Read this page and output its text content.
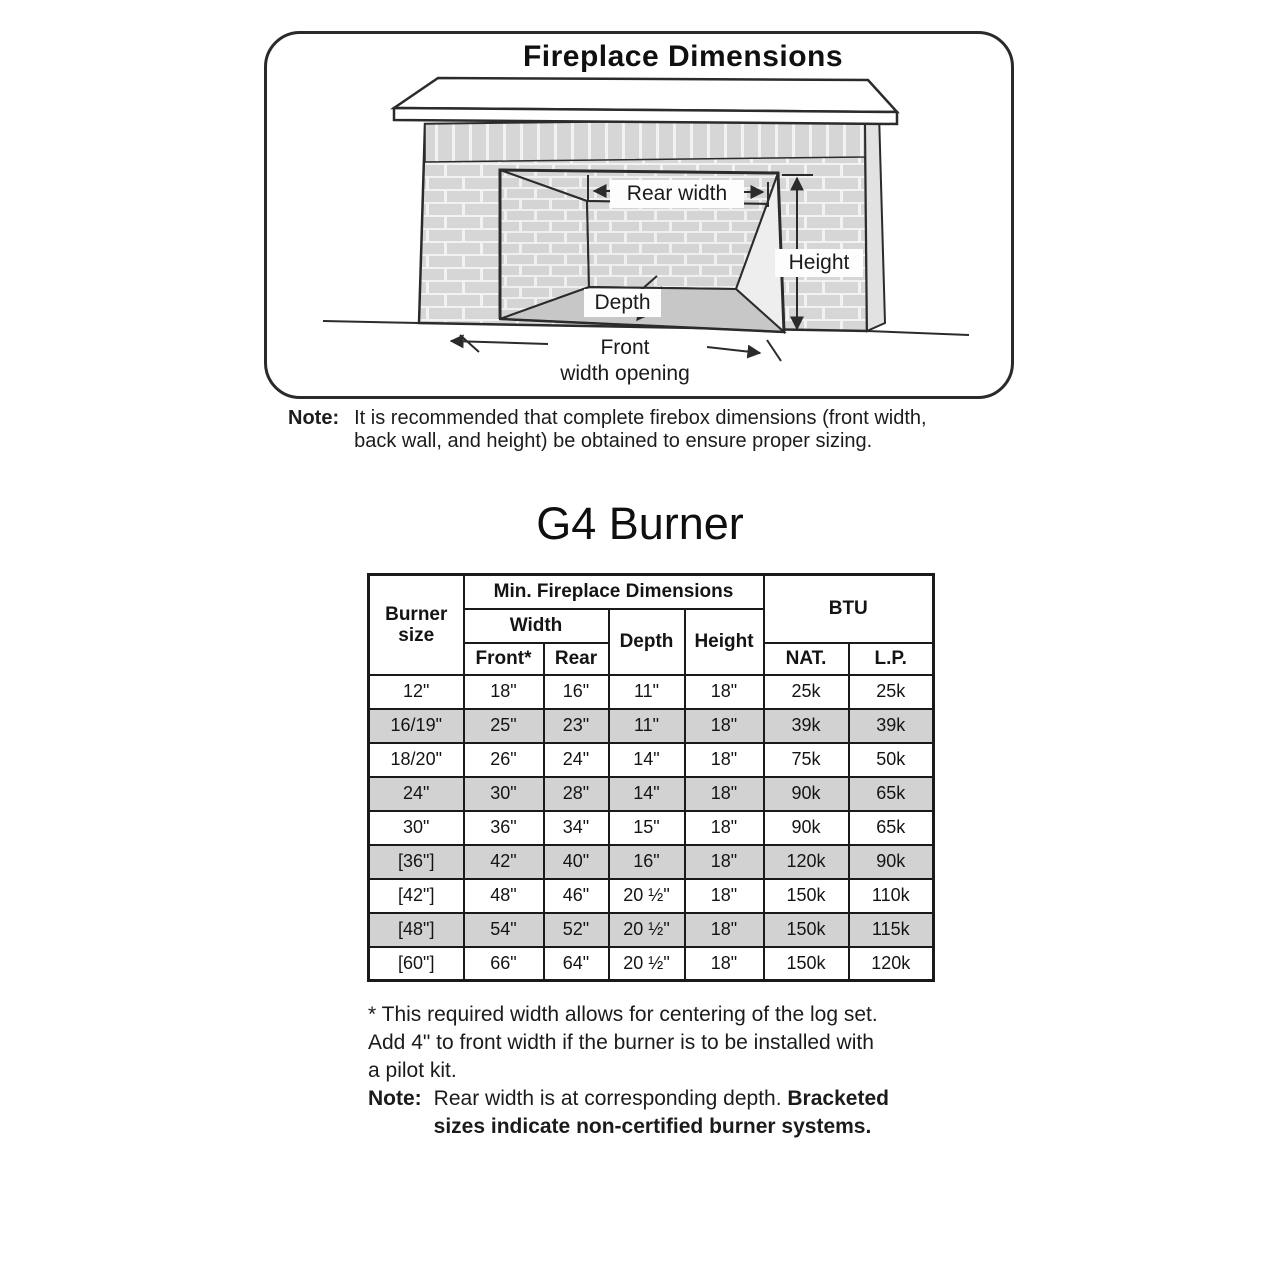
Fireplace Dimensions
Rear width
Height
Depth
Front
width opening
Note: It is recommended that complete firebox dimensions (front width,
back wall, and height) be obtained to ensure proper sizing.
G4 Burner
Burner size	Min. Fireplace Dimensions				BTU	
	Width		Depth	Height		
	Front*	Rear			NAT.	L.P.
12"	18"	16"	11"	18"	25k	25k
16/19"	25"	23"	11"	18"	39k	39k
18/20"	26"	24"	14"	18"	75k	50k
24"	30"	28"	14"	18"	90k	65k
30"	36"	34"	15"	18"	90k	65k
[36"]	42"	40"	16"	18"	120k	90k
[42"]	48"	46"	20 ½"	18"	150k	110k
[48"]	54"	52"	20 ½"	18"	150k	115k
[60"]	66"	64"	20 ½"	18"	150k	120k
* This required width allows for centering of the log set.
Add 4" to front width if the burner is to be installed with
a pilot kit.
Note: Rear width is at corresponding depth. Bracketed
sizes indicate non-certified burner systems.
